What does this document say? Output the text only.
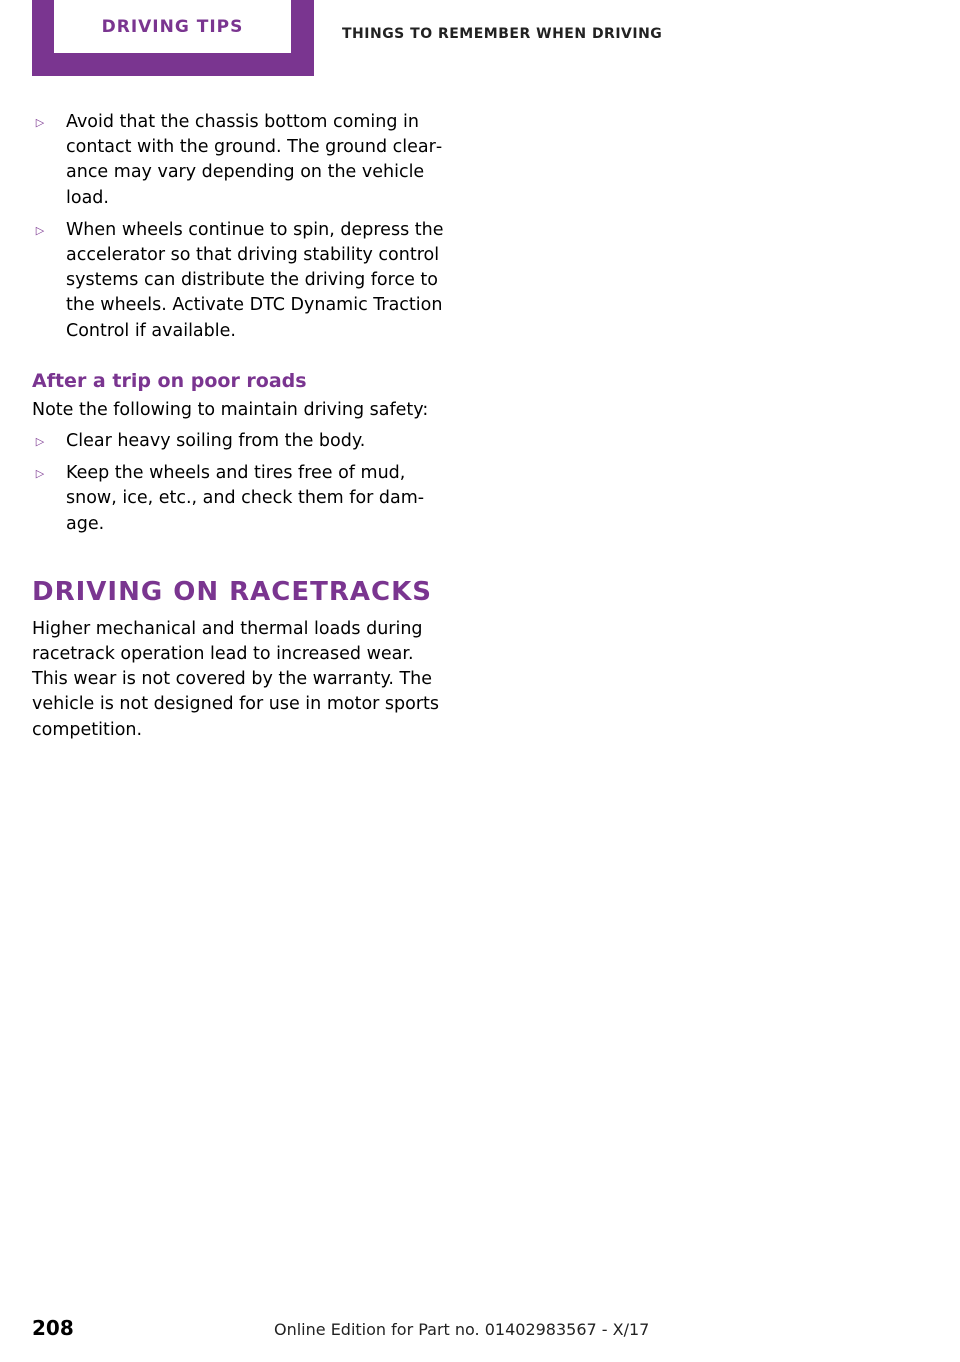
DRIVING TIPS	THINGS TO REMEMBER WHEN DRIVING
▷ Avoid that the chassis bottom coming in contact with the ground. The ground clear‐ance may vary depending on the vehicle load.
▷ When wheels continue to spin, depress the accelerator so that driving stability control systems can distribute the driving force to the wheels. Activate DTC Dynamic Traction Control if available.
After a trip on poor roads

Note the following to maintain driving safety:

▷ Clear heavy soiling from the body.
▷ Keep the wheels and tires free of mud, snow, ice, etc., and check them for dam‐age.
DRIVING ON RACETRACKS

Higher mechanical and thermal loads during racetrack operation lead to increased wear. This wear is not covered by the warranty. The vehicle is not designed for use in motor sports competition.

208	Online Edition for Part no. 01402983567 - X/17
